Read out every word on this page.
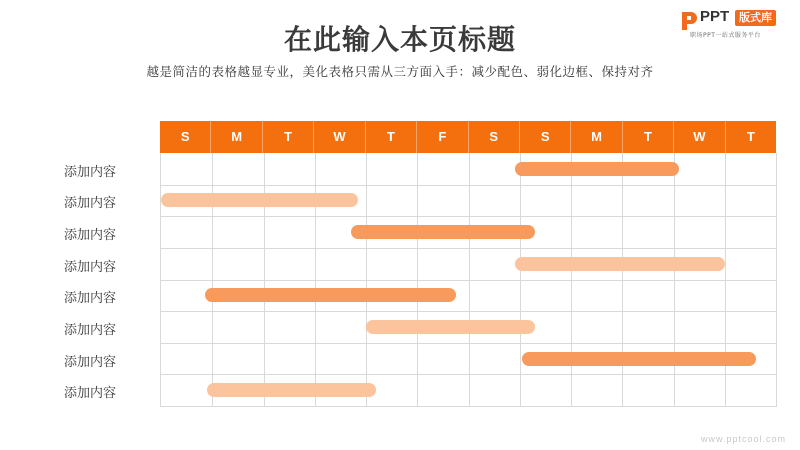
在此输入本页标题
越是简洁的表格越显专业，美化表格只需从三方面入手：减少配色、弱化边框、保持对齐
PPT 版式库
职场PPT一站式服务平台
S	M	T	W	T	F	S	S	M	T	W	T
添加内容
添加内容
添加内容
添加内容
添加内容
添加内容
添加内容
添加内容
www.pptcool.com
